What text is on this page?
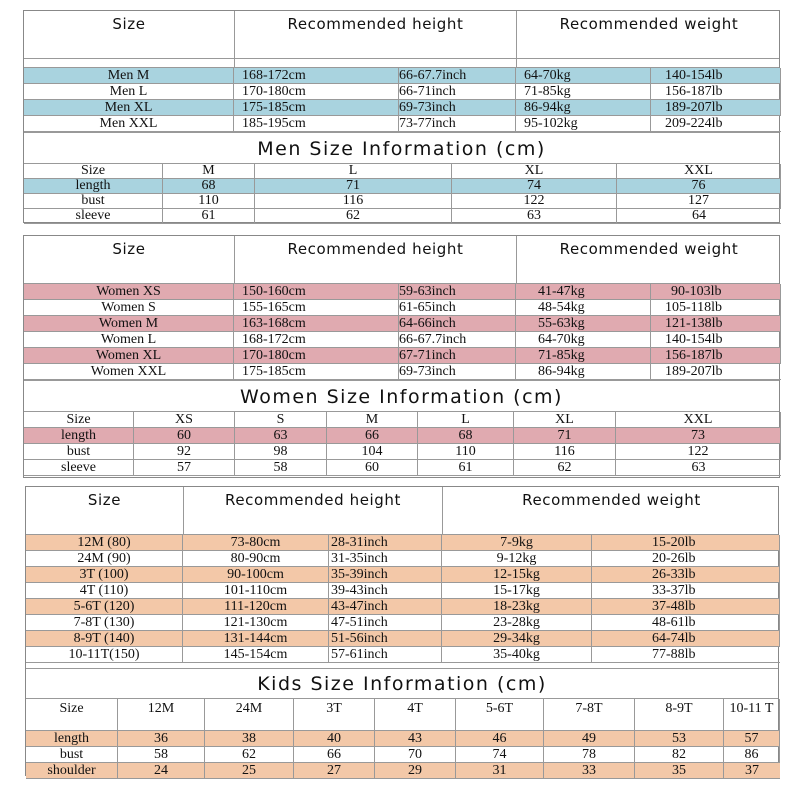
Size	Recommended height	Recommended weight
Men M	168-172cm	66-67.7inch	64-70kg	140-154lb
Men L	170-180cm	66-71inch	71-85kg	156-187lb
Men XL	175-185cm	69-73inch	86-94kg	189-207lb
Men XXL	185-195cm	73-77inch	95-102kg	209-224lb
Men Size Information (cm)
Size	M	L	XL	XXL
length	68	71	74	76
bust	110	116	122	127
sleeve	61	62	63	64
Size	Recommended height	Recommended weight
Women XS	150-160cm	59-63inch	41-47kg	90-103lb
Women S	155-165cm	61-65inch	48-54kg	105-118lb
Women M	163-168cm	64-66inch	55-63kg	121-138lb
Women L	168-172cm	66-67.7inch	64-70kg	140-154lb
Women XL	170-180cm	67-71inch	71-85kg	156-187lb
Women XXL	175-185cm	69-73inch	86-94kg	189-207lb
Women Size Information (cm)
Size	XS	S	M	L	XL	XXL
length	60	63	66	68	71	73
bust	92	98	104	110	116	122
sleeve	57	58	60	61	62	63
Size	Recommended height	Recommended weight
12M (80)	73-80cm	28-31inch	7-9kg	15-20lb
24M (90)	80-90cm	31-35inch	9-12kg	20-26lb
3T (100)	90-100cm	35-39inch	12-15kg	26-33lb
4T (110)	101-110cm	39-43inch	15-17kg	33-37lb
5-6T (120)	111-120cm	43-47inch	18-23kg	37-48lb
7-8T (130)	121-130cm	47-51inch	23-28kg	48-61lb
8-9T (140)	131-144cm	51-56inch	29-34kg	64-74lb
10-11T(150)	145-154cm	57-61inch	35-40kg	77-88lb
Kids Size Information (cm)
Size	12M	24M	3T	4T	5-6T	7-8T	8-9T	10-11 T
length	36	38	40	43	46	49	53	57
bust	58	62	66	70	74	78	82	86
shoulder	24	25	27	29	31	33	35	37
